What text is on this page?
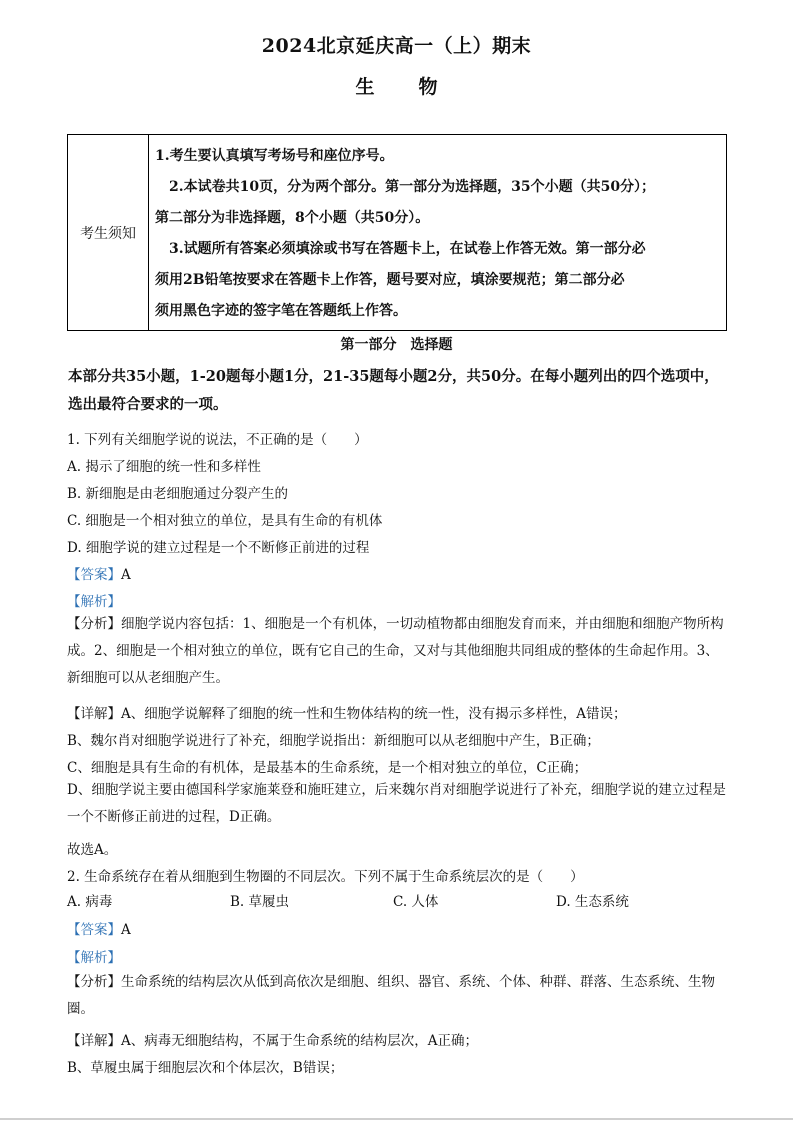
2024北京延庆高一（上）期末
生 物
考生须知

1.考生要认真填写考场号和座位序号。

2.本试卷共10页，分为两个部分。第一部分为选择题，35个小题（共50分）；

第二部分为非选择题，8个小题（共50分）。

3.试题所有答案必须填涂或书写在答题卡上，在试卷上作答无效。第一部分必

须用2B铅笔按要求在答题卡上作答，题号要对应，填涂要规范；第二部分必

须用黑色字迹的签字笔在答题纸上作答。

第一部分　选择题
本部分共35小题，1-20题每小题1分，21-35题每小题2分，共50分。在每小题列出的四个选项中，选出最符合要求的一项。
1. 下列有关细胞学说的说法，不正确的是（　　）
A. 揭示了细胞的统一性和多样性
B. 新细胞是由老细胞通过分裂产生的
C. 细胞是一个相对独立的单位，是具有生命的有机体
D. 细胞学说的建立过程是一个不断修正前进的过程
【答案】A
【解析】
【分析】细胞学说内容包括：1、细胞是一个有机体，一切动植物都由细胞发育而来，并由细胞和细胞产物所构成。2、细胞是一个相对独立的单位，既有它自己的生命，又对与其他细胞共同组成的整体的生命起作用。3、新细胞可以从老细胞产生。
【详解】A、细胞学说解释了细胞的统一性和生物体结构的统一性，没有揭示多样性，A错误；
B、魏尔肖对细胞学说进行了补充，细胞学说指出：新细胞可以从老细胞中产生，B正确；
C、细胞是具有生命的有机体，是最基本的生命系统，是一个相对独立的单位，C正确；
D、细胞学说主要由德国科学家施莱登和施旺建立，后来魏尔肖对细胞学说进行了补充，细胞学说的建立过程是一个不断修正前进的过程，D正确。
故选A。
2. 生命系统存在着从细胞到生物圈的不同层次。下列不属于生命系统层次的是（　　）
A. 病毒	B. 草履虫	C. 人体	D. 生态系统
【答案】A
【解析】
【分析】生命系统的结构层次从低到高依次是细胞、组织、器官、系统、个体、种群、群落、生态系统、生物圈。
【详解】A、病毒无细胞结构，不属于生命系统的结构层次，A正确；
B、草履虫属于细胞层次和个体层次，B错误；
